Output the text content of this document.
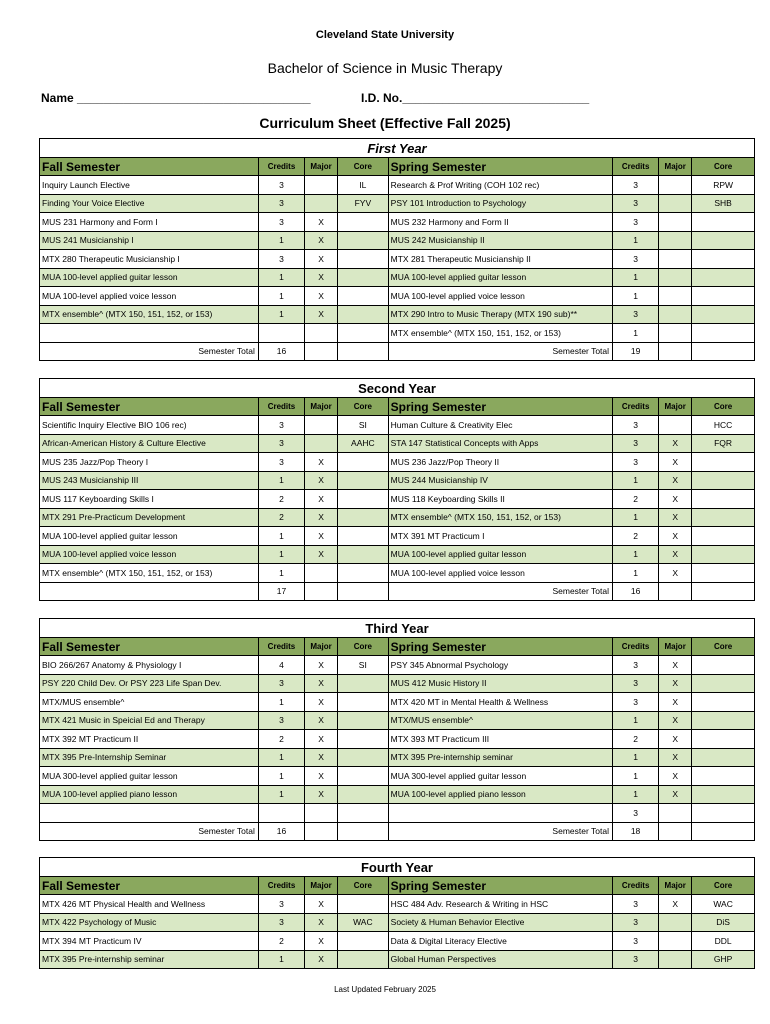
Cleveland State University
Bachelor of Science in Music Therapy
Name ___________________________________	I.D. No.____________________________
Curriculum Sheet (Effective Fall 2025)
First Year							
Fall Semester	Credits	Major	Core	Spring Semester	Credits	Major	Core
Inquiry Launch Elective	3		IL	Research & Prof Writing (COH 102 rec)	3		RPW
Finding Your Voice Elective	3		FYV	PSY 101 Introduction to Psychology	3		SHB
MUS 231 Harmony and Form I	3	X		MUS 232 Harmony and Form II	3		
MUS 241 Musicianship I	1	X		MUS 242 Musicianship II	1		
MTX 280 Therapeutic Musicianship I	3	X		MTX 281 Therapeutic Musicianship II	3		
MUA 100-level applied guitar lesson	1	X		MUA 100-level applied guitar lesson	1		
MUA 100-level applied voice lesson	1	X		MUA 100-level applied voice lesson	1		
MTX ensemble^ (MTX 150, 151, 152, or 153)	1	X		MTX 290 Intro to Music Therapy (MTX 190 sub)**	3		
				MTX ensemble^ (MTX 150, 151, 152, or 153)	1		
Semester Total	16			Semester Total	19		
Second Year							
Fall Semester	Credits	Major	Core	Spring Semester	Credits	Major	Core
Scientific Inquiry Elective BIO 106 rec)	3		SI	Human Culture & Creativity Elec	3		HCC
African-American History & Culture Elective	3		AAHC	STA 147 Statistical Concepts with Apps	3	X	FQR
MUS 235 Jazz/Pop Theory I	3	X		MUS 236 Jazz/Pop Theory II	3	X	
MUS 243 Musicianship III	1	X		MUS 244 Musicianship IV	1	X	
MUS 117 Keyboarding Skills I	2	X		MUS 118 Keyboarding Skills II	2	X	
MTX 291 Pre-Practicum Development	2	X		MTX ensemble^ (MTX 150, 151, 152, or 153)	1	X	
MUA 100-level applied guitar lesson	1	X		MTX 391 MT Practicum I	2	X	
MUA 100-level applied voice lesson	1	X		MUA 100-level applied guitar lesson	1	X	
MTX ensemble^ (MTX 150, 151, 152, or 153)	1			MUA 100-level applied voice lesson	1	X	
	17			Semester Total	16		
Third Year							
Fall Semester	Credits	Major	Core	Spring Semester	Credits	Major	Core
BIO 266/267 Anatomy & Physiology I	4	X	SI	PSY 345 Abnormal Psychology	3	X	
PSY 220 Child Dev. Or PSY 223 Life Span Dev.	3	X		MUS 412 Music History II	3	X	
MTX/MUS ensemble^	1	X		MTX 420 MT in Mental Health & Wellness	3	X	
MTX 421 Music in Speicial Ed and Therapy	3	X		MTX/MUS ensemble^	1	X	
MTX 392 MT Practicum II	2	X		MTX 393 MT Practicum III	2	X	
MTX 395 Pre-Internship Seminar	1	X		MTX 395 Pre-internship seminar	1	X	
MUA 300-level applied guitar lesson	1	X		MUA 300-level applied guitar lesson	1	X	
MUA 100-level applied piano lesson	1	X		MUA 100-level applied piano lesson	1	X	
					3		
Semester Total	16			Semester Total	18		
Fourth Year							
Fall Semester	Credits	Major	Core	Spring Semester	Credits	Major	Core
MTX 426 MT Physical Health and Wellness	3	X		HSC 484 Adv. Research & Writing in HSC	3	X	WAC
MTX 422 Psychology of Music	3	X	WAC	Society & Human Behavior Elective	3		DiS
MTX 394 MT Practicum IV	2	X		Data & Digital Literacy Elective	3		DDL
MTX 395 Pre-internship seminar	1	X		Global Human Perspectives	3		GHP
Last Updated February 2025
